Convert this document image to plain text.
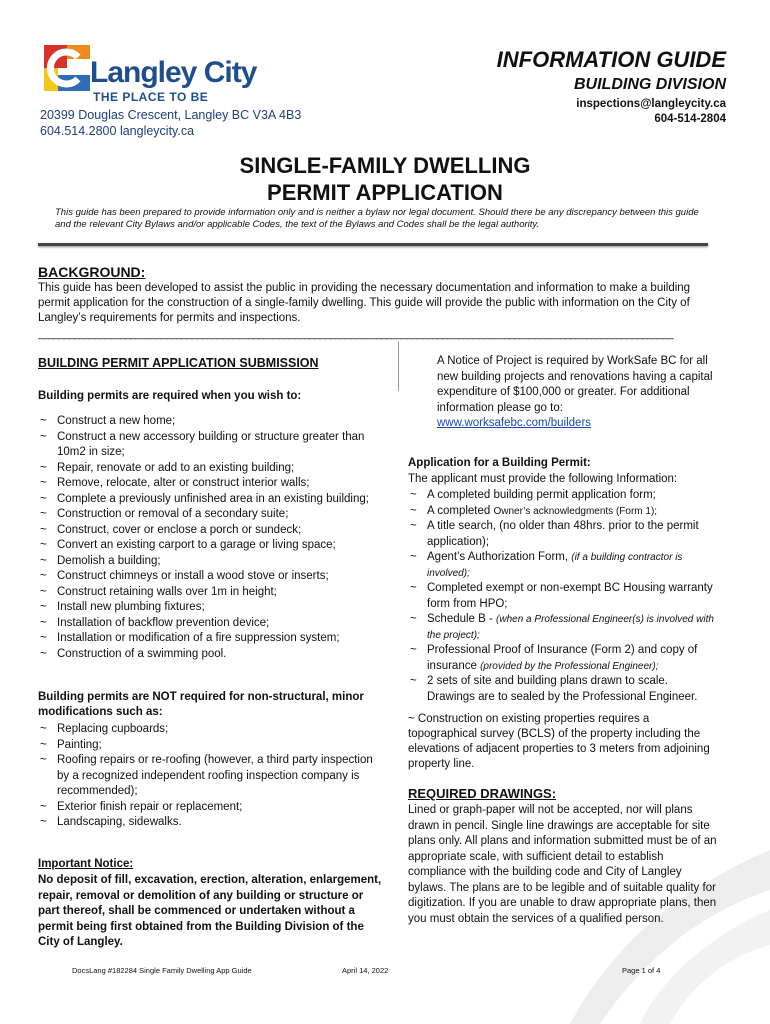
Langley City
THE PLACE TO BE
20399 Douglas Crescent, Langley BC V3A 4B3
604.514.2800 langleycity.ca
INFORMATION GUIDE
BUILDING DIVISION
inspections@langleycity.ca
604-514-2804
SINGLE-FAMILY DWELLING
PERMIT APPLICATION
This guide has been prepared to provide information only and is neither a bylaw nor legal document. Should there be any discrepancy between this guide and the relevant City Bylaws and/or applicable Codes, the text of the Bylaws and Codes shall be the legal authority.
BACKGROUND:
This guide has been developed to assist the public in providing the necessary documentation and information to make a building permit application for the construction of a single-family dwelling. This guide will provide the public with information on the City of Langley’s requirements for permits and inspections.
____________________________________________________________________________________________________________________________
BUILDING PERMIT APPLICATION SUBMISSION
Building permits are required when you wish to:
~ Construct a new home;
~ Construct a new accessory building or structure greater than 10m2 in size;
~ Repair, renovate or add to an existing building;
~ Remove, relocate, alter or construct interior walls;
~ Complete a previously unfinished area in an existing building;
~ Construction or removal of a secondary suite;
~ Construct, cover or enclose a porch or sundeck;
~ Convert an existing carport to a garage or living space;
~ Demolish a building;
~ Construct chimneys or install a wood stove or inserts;
~ Construct retaining walls over 1m in height;
~ Install new plumbing fixtures;
~ Installation of backflow prevention device;
~ Installation or modification of a fire suppression system;
~ Construction of a swimming pool.
Building permits are NOT required for non-structural, minor modifications such as:
~ Replacing cupboards;
~ Painting;
~ Roofing repairs or re-roofing (however, a third party inspection by a recognized independent roofing inspection company is recommended);
~ Exterior finish repair or replacement;
~ Landscaping, sidewalks.
Important Notice:
No deposit of fill, excavation, erection, alteration, enlargement, repair, removal or demolition of any building or structure or part thereof, shall be commenced or undertaken without a permit being first obtained from the Building Division of the City of Langley.
A Notice of Project is required by WorkSafe BC for all new building projects and renovations having a capital expenditure of $100,000 or greater. For additional information please go to:
www.worksafebc.com/builders
Application for a Building Permit:
The applicant must provide the following Information:
~ A completed building permit application form;
~ A completed Owner’s acknowledgments (Form 1);
~ A title search, (no older than 48hrs. prior to the permit application);
~ Agent’s Authorization Form, (if a building contractor is involved);
~ Completed exempt or non-exempt BC Housing warranty form from HPO;
~ Schedule B - (when a Professional Engineer(s) is involved with the project);
~ Professional Proof of Insurance (Form 2) and copy of insurance (provided by the Professional Engineer);
~ 2 sets of site and building plans drawn to scale. Drawings are to sealed by the Professional Engineer.
~ Construction on existing properties requires a topographical survey (BCLS) of the property including the elevations of adjacent properties to 3 meters from adjoining property line.
REQUIRED DRAWINGS:
Lined or graph-paper will not be accepted, nor will plans drawn in pencil. Single line drawings are acceptable for site plans only. All plans and information submitted must be of an appropriate scale, with sufficient detail to establish compliance with the building code and City of Langley bylaws. The plans are to be legible and of suitable quality for digitization. If you are unable to draw appropriate plans, then you must obtain the services of a qualified person.
DocsLang #182284 Single Family Dwelling App Guide	April 14, 2022	Page 1 of 4
